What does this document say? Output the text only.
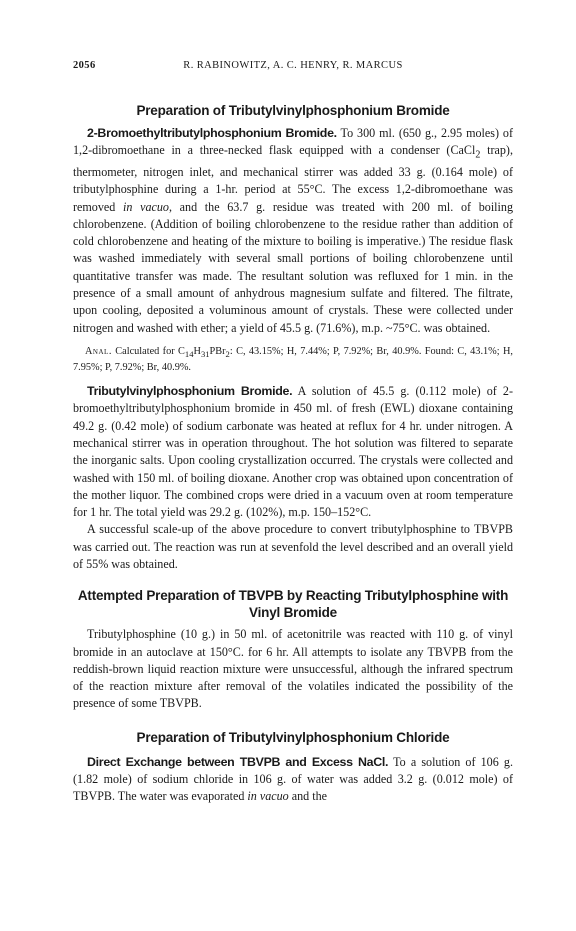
2056	R. RABINOWITZ, A. C. HENRY, R. MARCUS
Preparation of Tributylvinylphosphonium Bromide

2-Bromoethyltributylphosphonium Bromide. To 300 ml. (650 g., 2.95 moles) of 1,2-dibromoethane in a three-necked flask equipped with a condenser (CaCl$_2$ trap), thermometer, nitrogen inlet, and mechanical stirrer was added 33 g. (0.164 mole) of tributylphosphine during a 1-hr. period at 55°C. The excess 1,2-dibromoethane was removed in vacuo, and the 63.7 g. residue was treated with 200 ml. of boiling chlorobenzene. (Addition of boiling chlorobenzene to the residue rather than addition of cold chlorobenzene and heating of the mixture to boiling is imperative.) The residue flask was washed immediately with several small portions of boiling chlorobenzene until quantitative transfer was made. The resultant solution was refluxed for 1 min. in the presence of a small amount of anhydrous magnesium sulfate and filtered. The filtrate, upon cooling, deposited a voluminous amount of crystals. These were collected under nitrogen and washed with ether; a yield of 45.5 g. (71.6%), m.p. ~75°C. was obtained.

Anal. Calculated for $C_{14}H_{31}PBr_2$: C, 43.15%; H, 7.44%; P, 7.92%; Br, 40.9%. Found: C, 43.1%; H, 7.95%; P, 7.92%; Br, 40.9%.

Tributylvinylphosphonium Bromide. A solution of 45.5 g. (0.112 mole) of 2-bromoethyltributylphosphonium bromide in 450 ml. of fresh (EWL) dioxane containing 49.2 g. (0.42 mole) of sodium carbonate was heated at reflux for 4 hr. under nitrogen. A mechanical stirrer was in operation throughout. The hot solution was filtered to separate the inorganic salts. Upon cooling crystallization occurred. The crystals were collected and washed with 150 ml. of boiling dioxane. Another crop was obtained upon concentration of the mother liquor. The combined crops were dried in a vacuum oven at room temperature for 1 hr. The total yield was 29.2 g. (102%), m.p. 150–152°C.

A successful scale-up of the above procedure to convert tributylphosphine to TBVPB was carried out. The reaction was run at sevenfold the level described and an overall yield of 55% was obtained.

Attempted Preparation of TBVPB by Reacting Tributylphosphine with Vinyl Bromide

Tributylphosphine (10 g.) in 50 ml. of acetonitrile was reacted with 110 g. of vinyl bromide in an autoclave at 150°C. for 6 hr. All attempts to isolate any TBVPB from the reddish-brown liquid reaction mixture were unsuccessful, although the infrared spectrum of the reaction mixture after removal of the volatiles indicated the possibility of the presence of some TBVPB.

Preparation of Tributylvinylphosphonium Chloride

Direct Exchange between TBVPB and Excess NaCl. To a solution of 106 g. (1.82 mole) of sodium chloride in 106 g. of water was added 3.2 g. (0.012 mole) of TBVPB. The water was evaporated in vacuo and the
